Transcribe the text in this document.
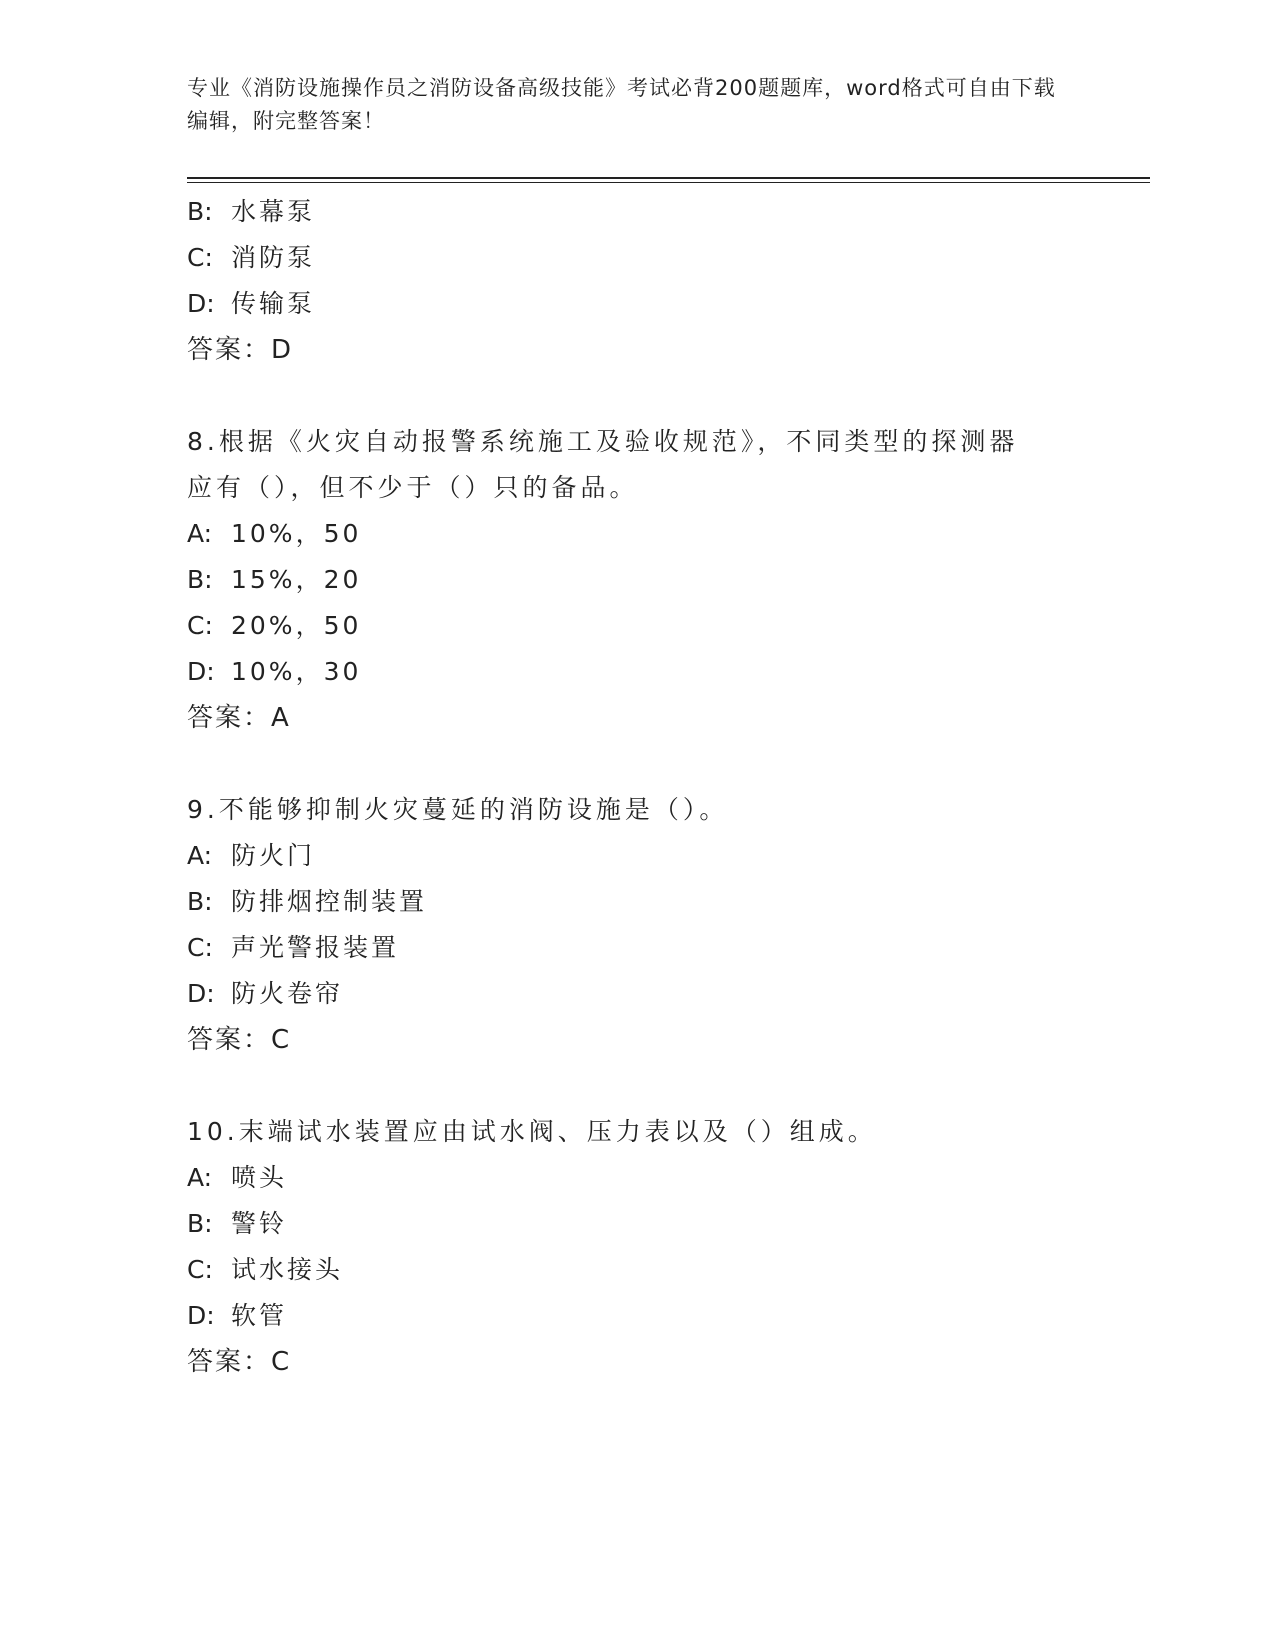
专业《消防设施操作员之消防设备高级技能》考试必背200题题库，word格式可自由下载编辑，附完整答案！
B: 水幕泵
C: 消防泵
D: 传输泵
答案：D
8.根据《火灾自动报警系统施工及验收规范》，不同类型的探测器应有（），但不少于（）只的备品。
A: 10%，50
B: 15%，20
C: 20%，50
D: 10%，30
答案：A
9.不能够抑制火灾蔓延的消防设施是（）。
A: 防火门
B: 防排烟控制装置
C: 声光警报装置
D: 防火卷帘
答案：C
10.末端试水装置应由试水阀、压力表以及（）组成。
A: 喷头
B: 警铃
C: 试水接头
D: 软管
答案：C
